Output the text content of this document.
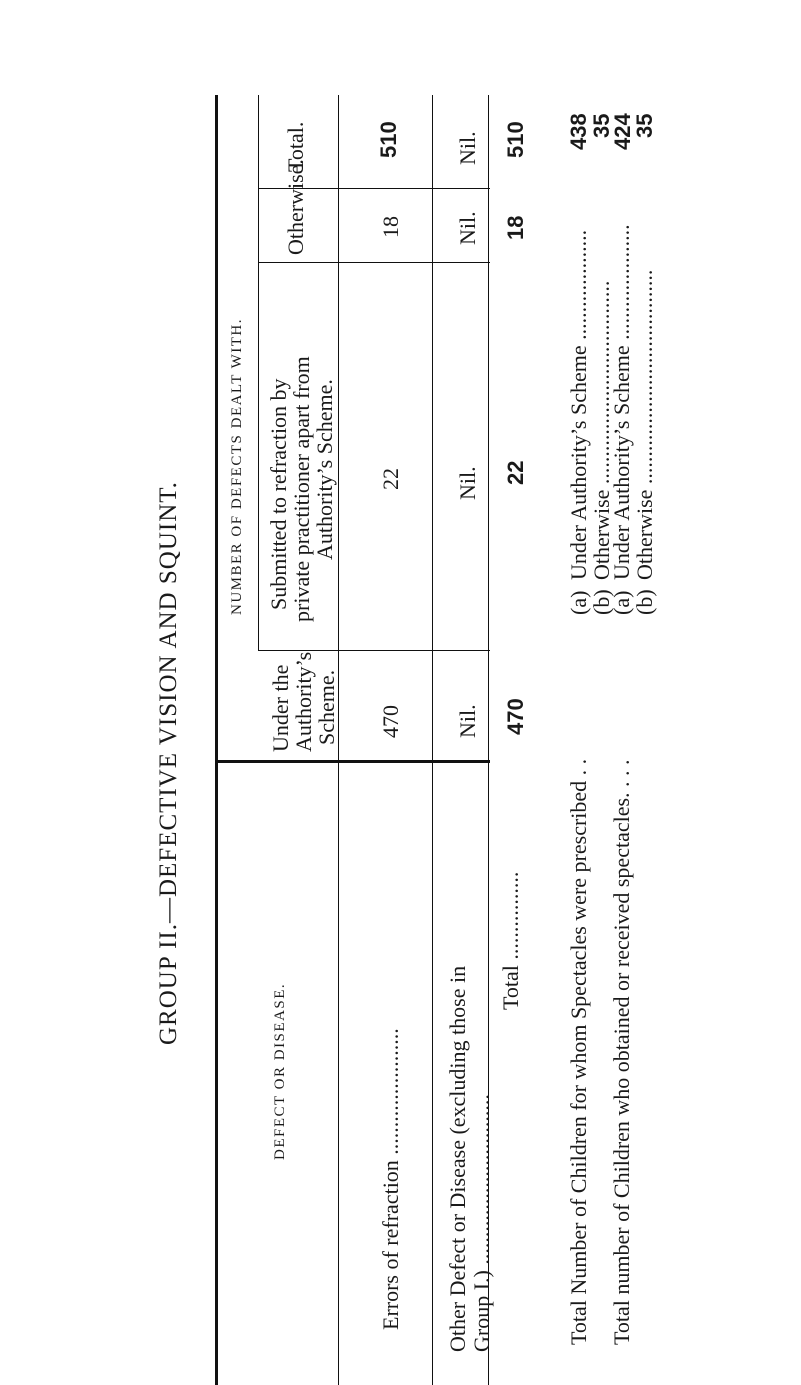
GROUP II.—DEFECTIVE VISION AND SQUINT.
NUMBER OF DEFECTS DEALT WITH.
DEFECT OR DISEASE.
Under the
Authority’s
Scheme.
Submitted to refraction by
private practitioner apart from
Authority’s Scheme.
Otherwise.
Total.
Errors of refraction .......................
470
22
18
510
Other Defect or Disease (excluding those in Group I.) ...............................
Nil.
Nil.
Nil.
Nil.
Total ................
470
22
18
510
Total Number of Children for whom Spectacles were prescribed . .
(a)
Under Authority’s Scheme ....................
438
(b)
Otherwise .....................................
35
Total number of Children who obtained or received spectacles. . . .
(a)
Under Authority’s Scheme .....................
424
(b)
Otherwise .......................................
35
